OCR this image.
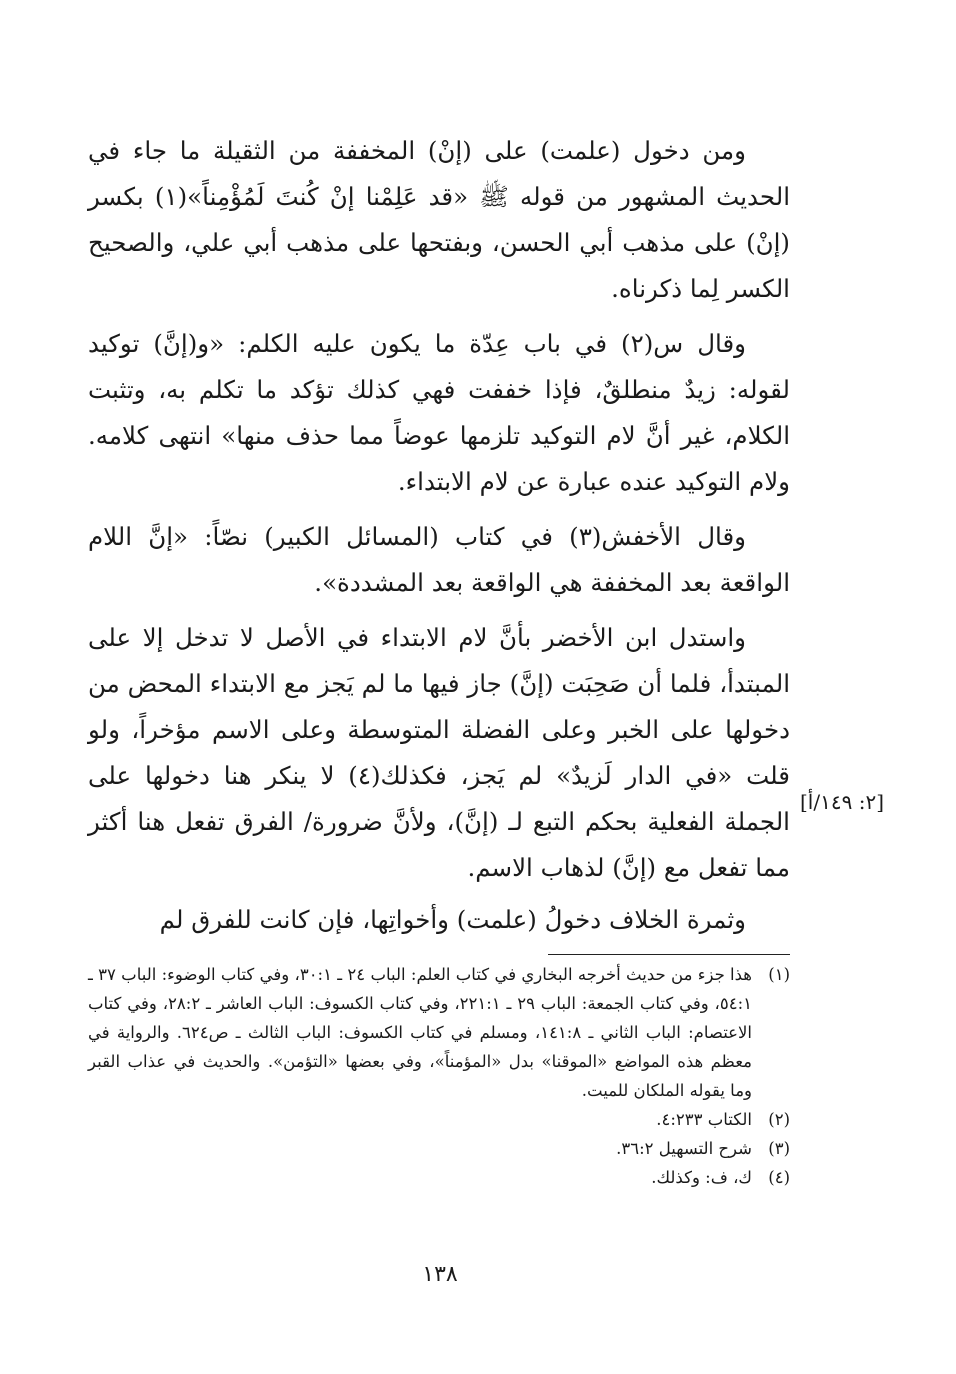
ومن دخول (علمت) على (إنْ) المخففة من الثقيلة ما جاء في الحديث المشهور من قوله ﷺ «قد عَلِمْنا إنْ كُنتَ لَمُؤْمِناً»(١) بكسر (إنْ) على مذهب أبي الحسن، وبفتحها على مذهب أبي علي، والصحيح الكسر لِما ذكرناه.

وقال س(٢) في باب عِدّة ما يكون عليه الكلم: «و(إنَّ) توكيد لقوله: زيدٌ منطلقٌ، فإذا خففت فهي كذلك تؤكد ما تكلم به، وتثبت الكلام، غير أنَّ لام التوكيد تلزمها عوضاً مما حذف منها» انتهى كلامه. ولام التوكيد عنده عبارة عن لام الابتداء.

وقال الأخفش(٣) في كتاب (المسائل الكبير) نصّاً: «إنَّ اللام الواقعة بعد المخففة هي الواقعة بعد المشددة».

واستدل ابن الأخضر بأنَّ لام الابتداء في الأصل لا تدخل إلا على المبتدأ، فلما أن صَحِبَت (إنَّ) جاز فيها ما لم يَجز مع الابتداء المحض من دخولها على الخبر وعلى الفضلة المتوسطة وعلى الاسم مؤخراً، ولو قلت «في الدار لَزيدٌ» لم يَجز، فكذلك(٤) لا ينكر هنا دخولها على الجملة الفعلية بحكم التبع لـ (إنَّ)، ولأنَّ ضرورة/ الفرق تفعل هنا أكثر مما تفعل مع (إنَّ) لذهاب الاسم.

وثمرة الخلاف دخولُ (علمت) وأخواتِها، فإن كانت للفرق لم

[٢: ١٤٩/أ]
(١)
هذا جزء من حديث أخرجه البخاري في كتاب العلم: الباب ٢٤ ـ ٣٠:١، وفي كتاب الوضوء: الباب ٣٧ ـ ٥٤:١، وفي كتاب الجمعة: الباب ٢٩ ـ ٢٢١:١، وفي كتاب الكسوف: الباب العاشر ـ ٢٨:٢، وفي كتاب الاعتصام: الباب الثاني ـ ١٤١:٨، ومسلم في كتاب الكسوف: الباب الثالث ـ ص٦٢٤. والرواية في معظم هذه المواضع «الموقنا» بدل «المؤمناً»، وفي بعضها «التؤمن». والحديث في عذاب القبر وما يقوله الملكان للميت.
(٢)
الكتاب ٤:٢٣٣.
(٣)
شرح التسهيل ٣٦:٢.
(٤)
ك، ف: وكذلك.
١٣٨
